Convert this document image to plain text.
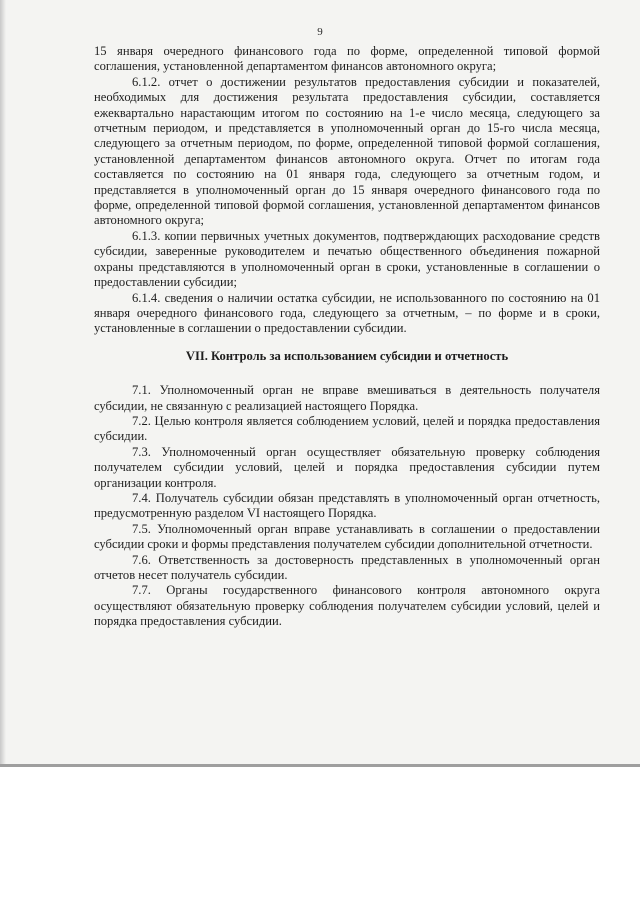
9

15 января очередного финансового года по форме, определенной типовой формой соглашения, установленной департаментом финансов автономного округа;

6.1.2. отчет о достижении результатов предоставления субсидии и показателей, необходимых для достижения результата предоставления субсидии, составляется ежеквартально нарастающим итогом по состоянию на 1-е число месяца, следующего за отчетным периодом, и представляется в уполномоченный орган до 15-го числа месяца, следующего за отчетным периодом, по форме, определенной типовой формой соглашения, установленной департаментом финансов автономного округа. Отчет по итогам года составляется по состоянию на 01 января года, следующего за отчетным годом, и представляется в уполномоченный орган до 15 января очередного финансового года по форме, определенной типовой формой соглашения, установленной департаментом финансов автономного округа;

6.1.3. копии первичных учетных документов, подтверждающих расходование средств субсидии, заверенные руководителем и печатью общественного объединения пожарной охраны представляются в уполномоченный орган в сроки, установленные в соглашении о предоставлении субсидии;

6.1.4. сведения о наличии остатка субсидии, не использованного по состоянию на 01 января очередного финансового года, следующего за отчетным, – по форме и в сроки, установленные в соглашении о предоставлении субсидии.

VII. Контроль за использованием субсидии и отчетность

7.1. Уполномоченный орган не вправе вмешиваться в деятельность получателя субсидии, не связанную с реализацией настоящего Порядка.

7.2. Целью контроля является соблюдением условий, целей и порядка предоставления субсидии.

7.3. Уполномоченный орган осуществляет обязательную проверку соблюдения получателем субсидии условий, целей и порядка предоставления субсидии путем организации контроля.

7.4. Получатель субсидии обязан представлять в уполномоченный орган отчетность, предусмотренную разделом VI настоящего Порядка.

7.5. Уполномоченный орган вправе устанавливать в соглашении о предоставлении субсидии сроки и формы представления получателем субсидии дополнительной отчетности.

7.6. Ответственность за достоверность представленных в уполномоченный орган отчетов несет получатель субсидии.

7.7. Органы государственного финансового контроля автономного округа осуществляют обязательную проверку соблюдения получателем субсидии условий, целей и порядка предоставления субсидии.
